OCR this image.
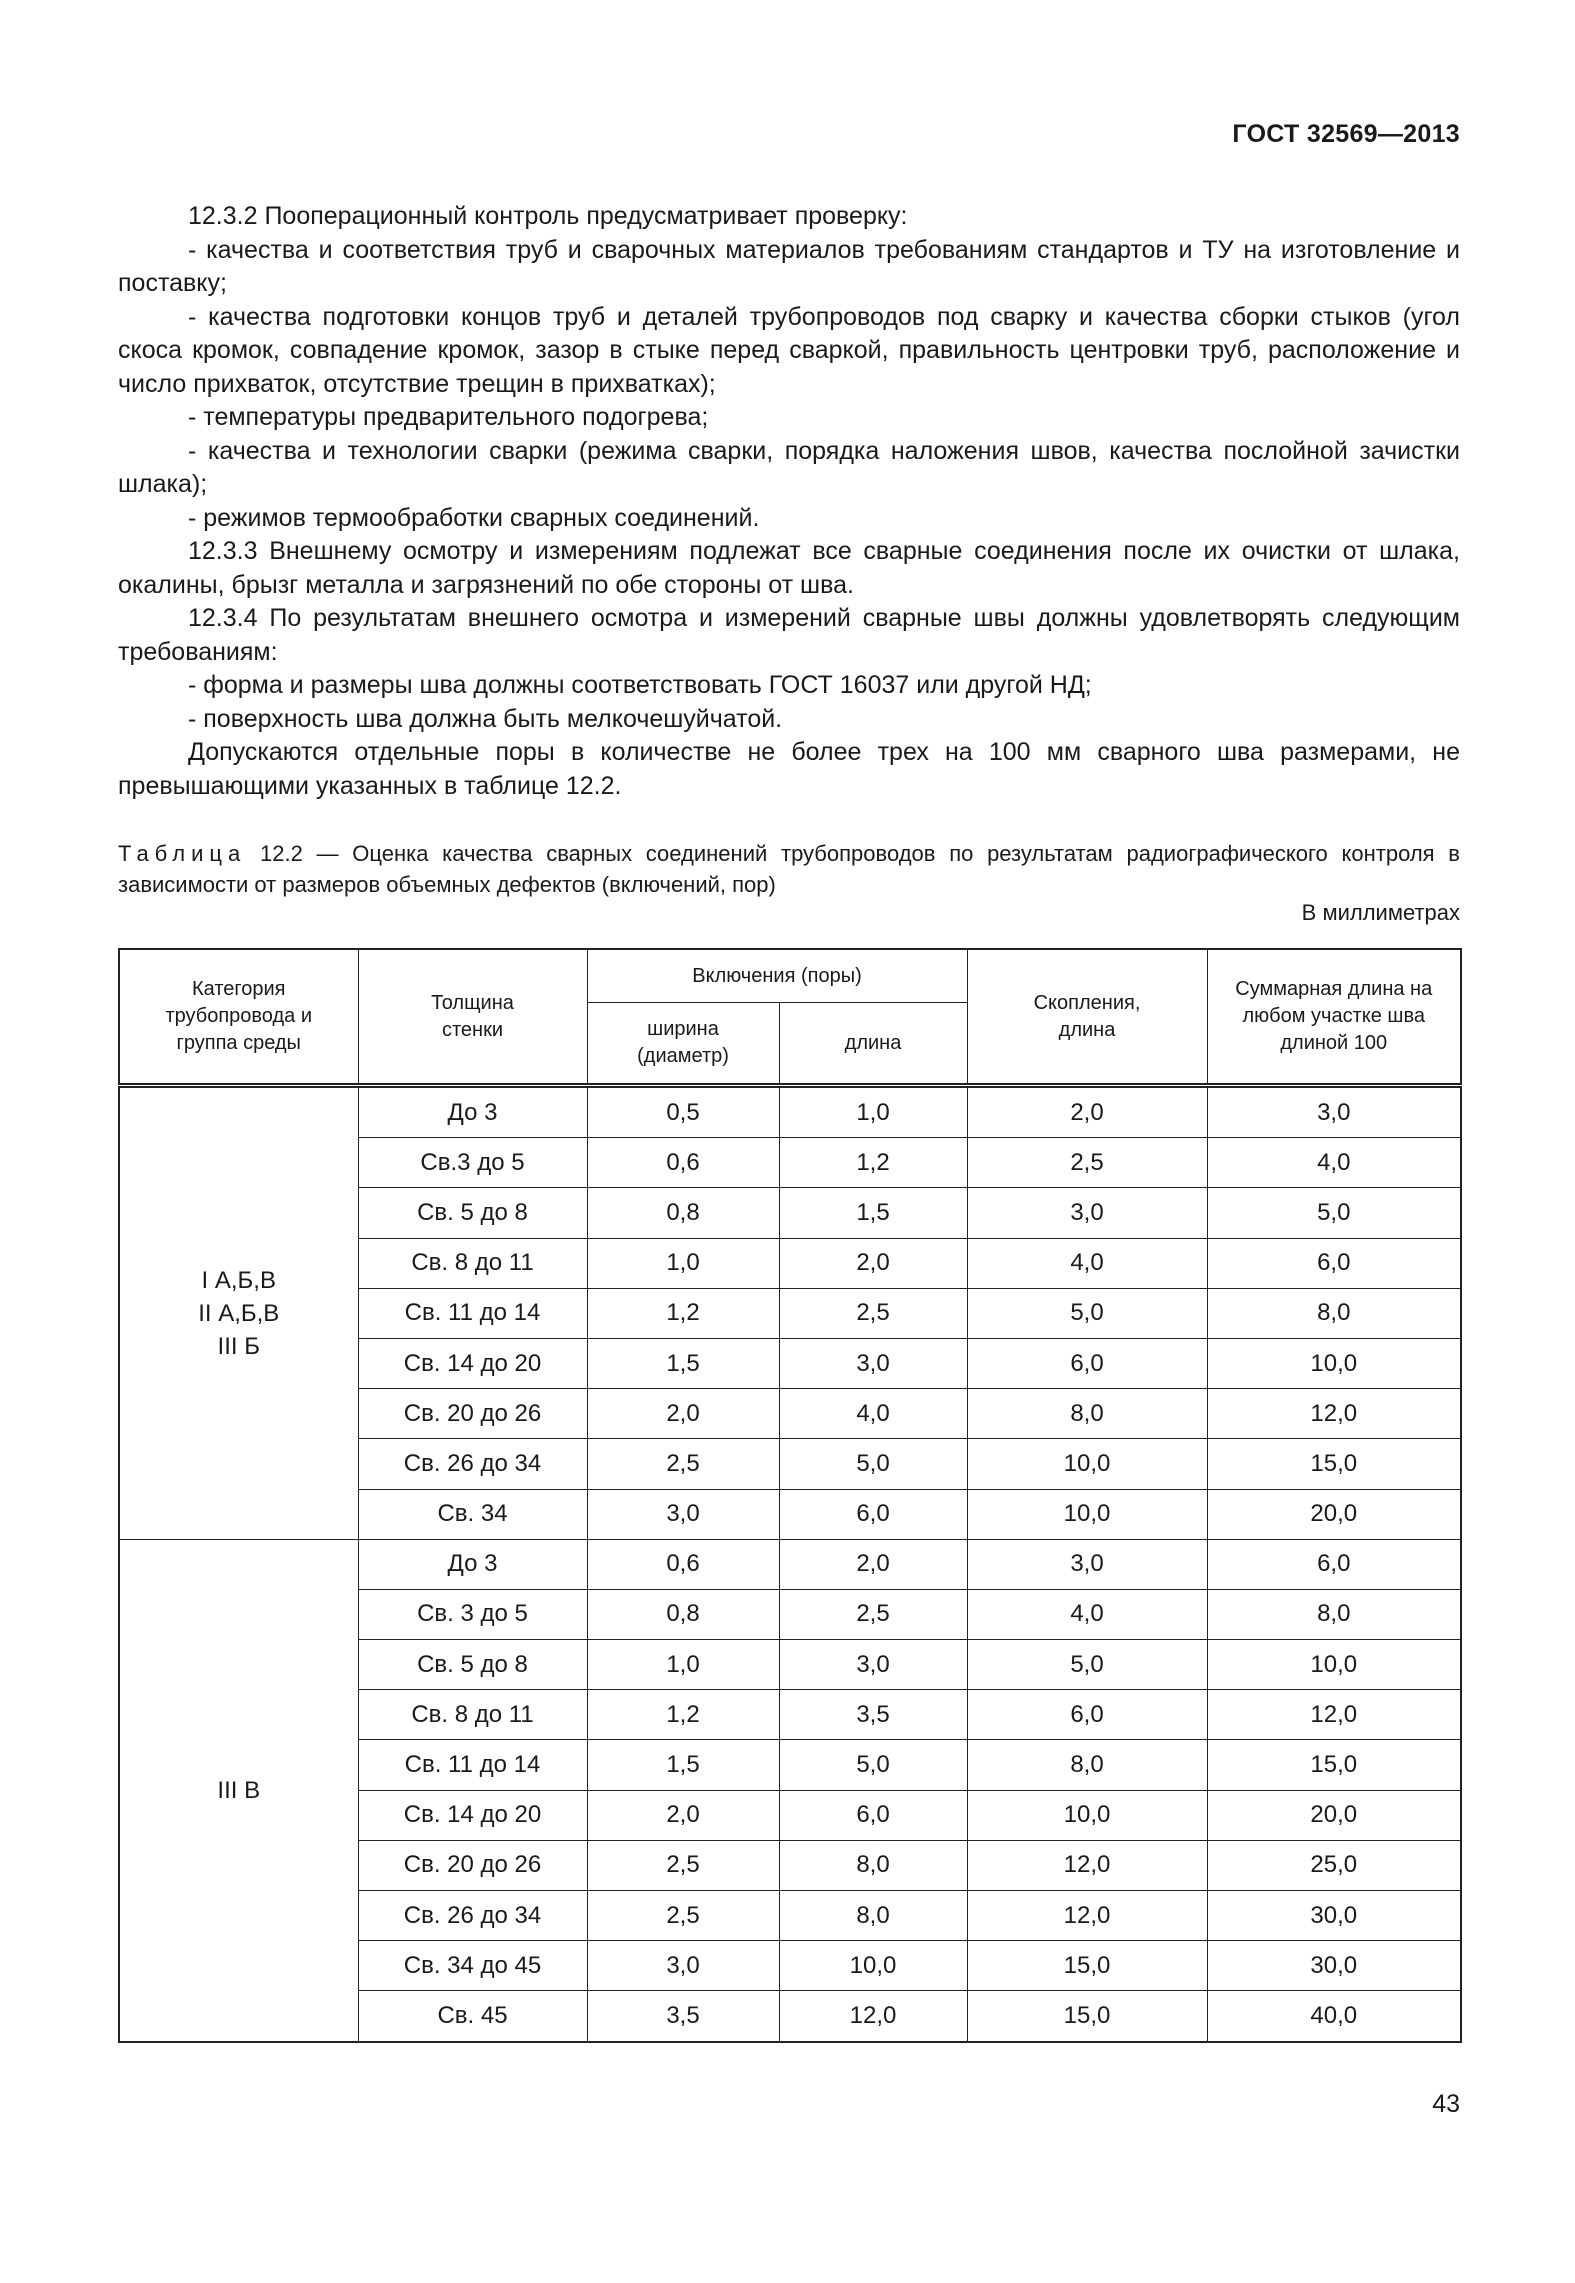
ГОСТ 32569—2013

12.3.2 Пооперационный контроль предусматривает проверку:

- качества и соответствия труб и сварочных материалов требованиям стандартов и ТУ на изготовление и поставку;

- качества подготовки концов труб и деталей трубопроводов под сварку и качества сборки стыков (угол скоса кромок, совпадение кромок, зазор в стыке перед сваркой, правильность центровки труб, расположение и число прихваток, отсутствие трещин в прихватках);

- температуры предварительного подогрева;

- качества и технологии сварки (режима сварки, порядка наложения швов, качества послойной зачистки шлака);

- режимов термообработки сварных соединений.

12.3.3 Внешнему осмотру и измерениям подлежат все сварные соединения после их очистки от шлака, окалины, брызг металла и загрязнений по обе стороны от шва.

12.3.4 По результатам внешнего осмотра и измерений сварные швы должны удовлетворять следующим требованиям:

- форма и размеры шва должны соответствовать ГОСТ 16037 или другой НД;

- поверхность шва должна быть мелкочешуйчатой.

Допускаются отдельные поры в количестве не более трех на 100 мм сварного шва размерами, не превышающими указанных в таблице 12.2.

Таблица 12.2 — Оценка качества сварных соединений трубопроводов по результатам радиографического контроля в зависимости от размеров объемных дефектов (включений, пор)
В миллиметрах
Категория трубопровода и группа среды	Толщина стенки	Включения (поры)		Скопления, длина	Суммарная длина на любом участке шва длиной 100
		ширина (диаметр)	длина		

I А,Б,В
II А,Б,В
III Б	До 3	0,5	1,0	2,0	3,0
	Св.3 до 5	0,6	1,2	2,5	4,0
	Св. 5 до 8	0,8	1,5	3,0	5,0
	Св. 8 до 11	1,0	2,0	4,0	6,0
	Св. 11 до 14	1,2	2,5	5,0	8,0
	Св. 14 до 20	1,5	3,0	6,0	10,0
	Св. 20 до 26	2,0	4,0	8,0	12,0
	Св. 26 до 34	2,5	5,0	10,0	15,0
	Св. 34	3,0	6,0	10,0	20,0

III В	До 3	0,6	2,0	3,0	6,0
	Св. 3 до 5	0,8	2,5	4,0	8,0
	Св. 5 до 8	1,0	3,0	5,0	10,0
	Св. 8 до 11	1,2	3,5	6,0	12,0
	Св. 11 до 14	1,5	5,0	8,0	15,0
	Св. 14 до 20	2,0	6,0	10,0	20,0
	Св. 20 до 26	2,5	8,0	12,0	25,0
	Св. 26 до 34	2,5	8,0	12,0	30,0
	Св. 34 до 45	3,0	10,0	15,0	30,0
	Св. 45	3,5	12,0	15,0	40,0
43
